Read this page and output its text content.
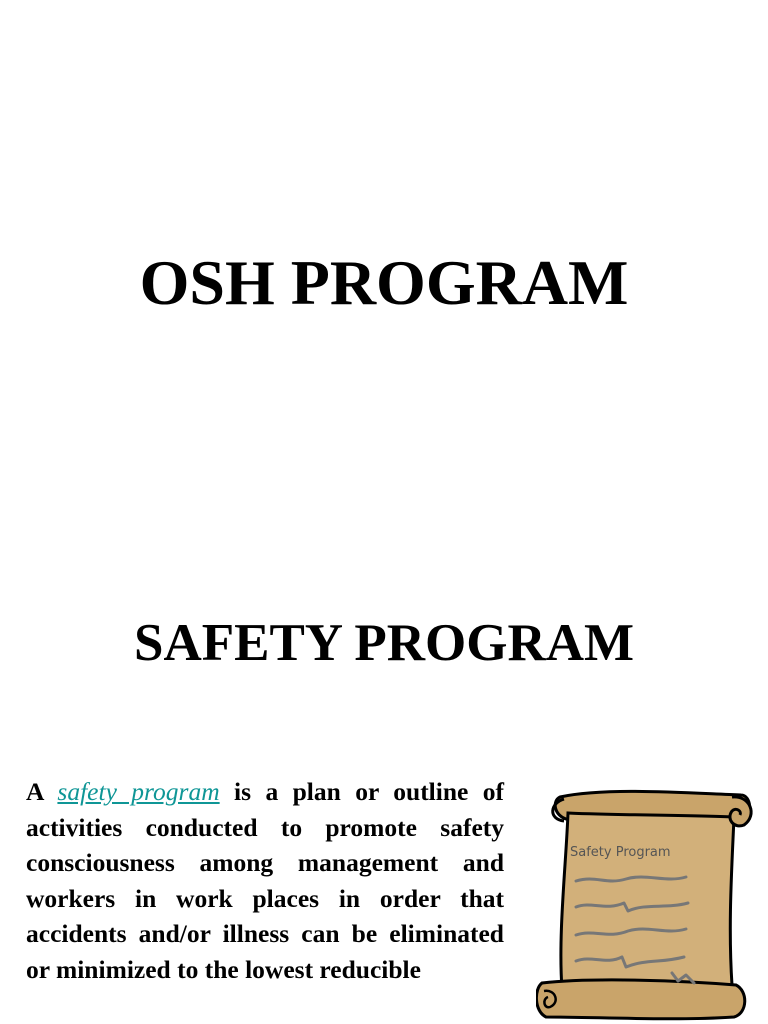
OSH PROGRAM
SAFETY PROGRAM

A safety program is a plan or outline of activities conducted to promote safety consciousness among management and workers in work places in order that accidents and/or illness can be eliminated or minimized to the lowest reducible

Safety Program
